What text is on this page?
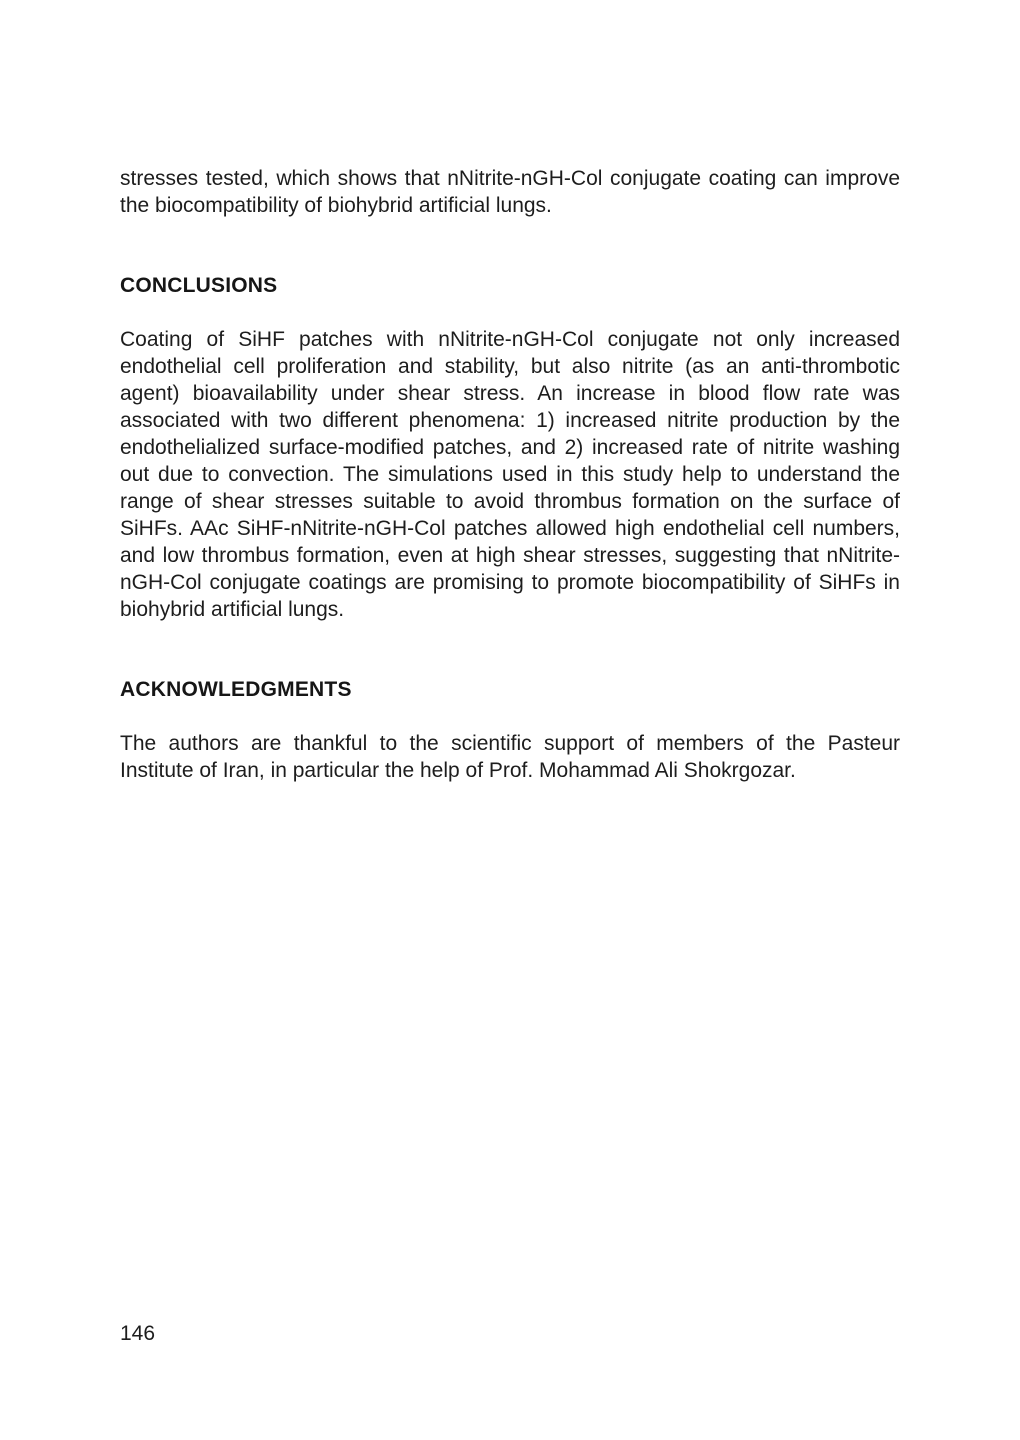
stresses tested, which shows that nNitrite-nGH-Col conjugate coating can improve the biocompatibility of biohybrid artificial lungs.

CONCLUSIONS

Coating of SiHF patches with nNitrite-nGH-Col conjugate not only increased endothelial cell proliferation and stability, but also nitrite (as an anti-thrombotic agent) bioavailability under shear stress. An increase in blood flow rate was associated with two different phenomena: 1) increased nitrite production by the endothelialized surface-modified patches, and 2) increased rate of nitrite washing out due to convection. The simulations used in this study help to understand the range of shear stresses suitable to avoid thrombus formation on the surface of SiHFs. AAc SiHF-nNitrite-nGH-Col patches allowed high endothelial cell numbers, and low thrombus formation, even at high shear stresses, suggesting that nNitrite-nGH-Col conjugate coatings are promising to promote biocompatibility of SiHFs in biohybrid artificial lungs.

ACKNOWLEDGMENTS

The authors are thankful to the scientific support of members of the Pasteur Institute of Iran, in particular the help of Prof. Mohammad Ali Shokrgozar.

146
